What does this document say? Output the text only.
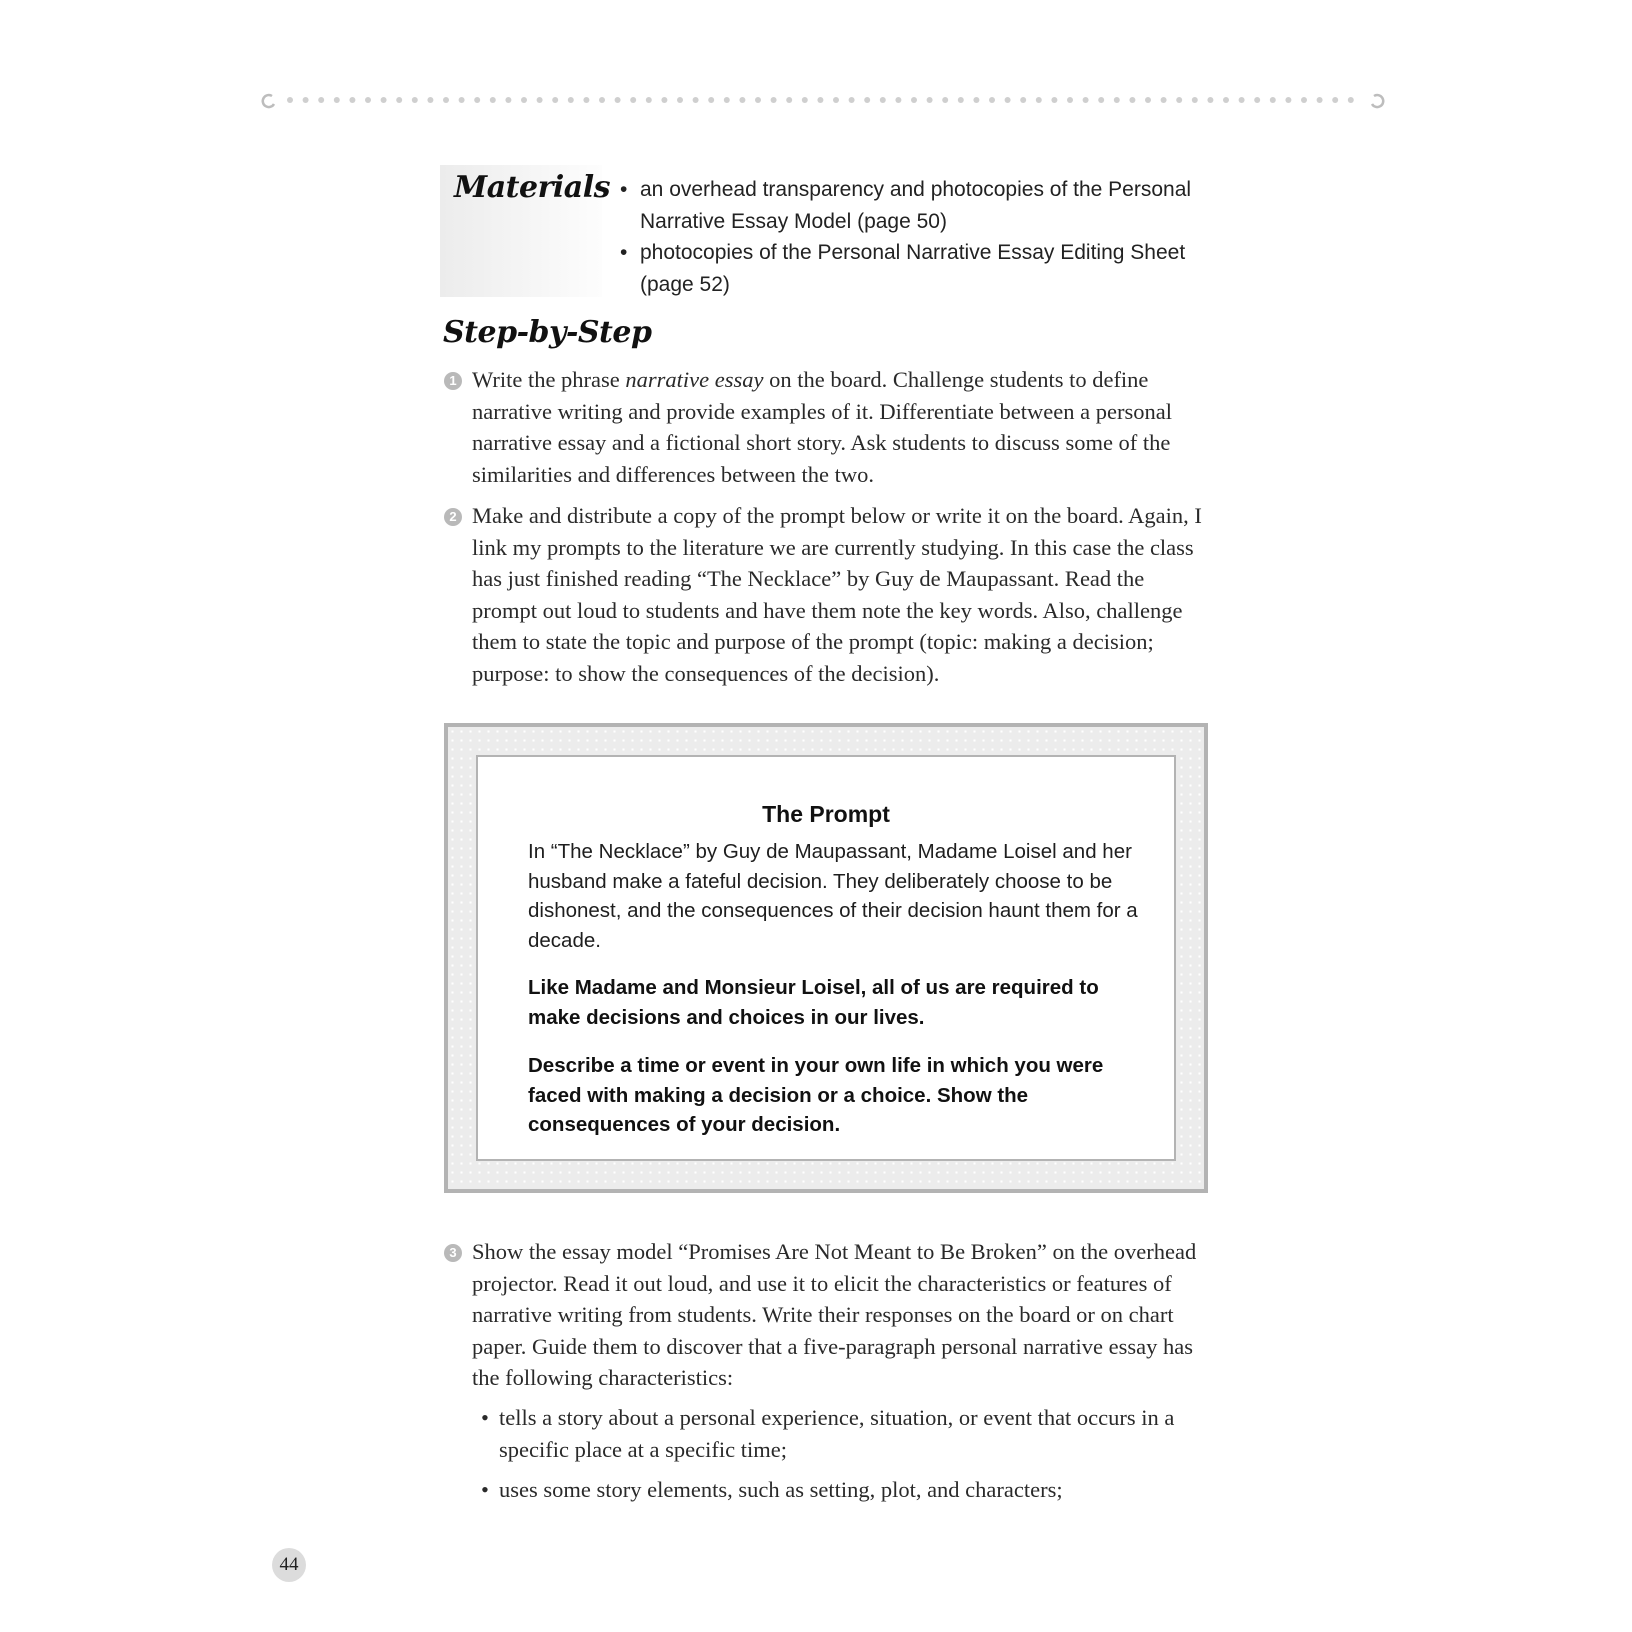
Materials
•	an overhead transparency and photocopies of the Personal Narrative Essay Model (page 50)
• photocopies of the Personal Narrative Essay Editing Sheet (page 52)
Step-by-Step
1 Write the phrase narrative essay on the board. Challenge students to define narrative writing and provide examples of it. Differentiate between a personal narrative essay and a fictional short story. Ask students to discuss some of the similarities and differences between the two.
2 Make and distribute a copy of the prompt below or write it on the board. Again, I link my prompts to the literature we are currently studying. In this case the class has just finished reading “The Necklace” by Guy de Maupassant. Read the prompt out loud to students and have them note the key words. Also, challenge them to state the topic and purpose of the prompt (topic: making a decision; purpose: to show the consequences of the decision).
The Prompt

In “The Necklace” by Guy de Maupassant, Madame Loisel and her husband make a fateful decision. They deliberately choose to be dishonest, and the consequences of their decision haunt them for a decade.

Like Madame and Monsieur Loisel, all of us are required to make decisions and choices in our lives.

Describe a time or event in your own life in which you were faced with making a decision or a choice. Show the consequences of your decision.

3 Show the essay model “Promises Are Not Meant to Be Broken” on the overhead projector. Read it out loud, and use it to elicit the characteristics or features of narrative writing from students. Write their responses on the board or on chart paper. Guide them to discover that a five-paragraph personal narrative essay has the following characteristics:
• tells a story about a personal experience, situation, or event that occurs in a specific place at a specific time;
• uses some story elements, such as setting, plot, and characters;
44
